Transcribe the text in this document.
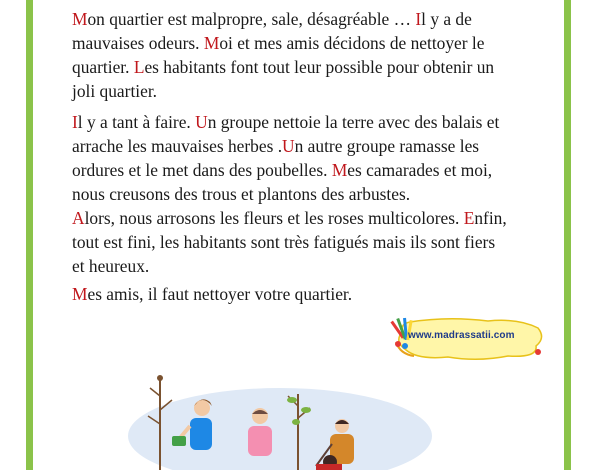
Mon quartier est malpropre, sale, désagréable … Il y a de
mauvaises odeurs. Moi et mes amis décidons de nettoyer le
quartier. Les habitants font tout leur possible pour obtenir un
joli quartier.

Il y a tant à faire. Un groupe nettoie la terre avec des balais et
arrache les mauvaises herbes .Un autre groupe ramasse les
ordures et le met dans des poubelles. Mes camarades et moi,
nous creusons des trous et plantons des arbustes.

Alors, nous arrosons les fleurs et les roses multicolores. Enfin,
tout est fini, les habitants sont très fatigués mais ils sont fiers
et heureux.

Mes amis, il faut nettoyer votre quartier.

www.madrassatii.com
